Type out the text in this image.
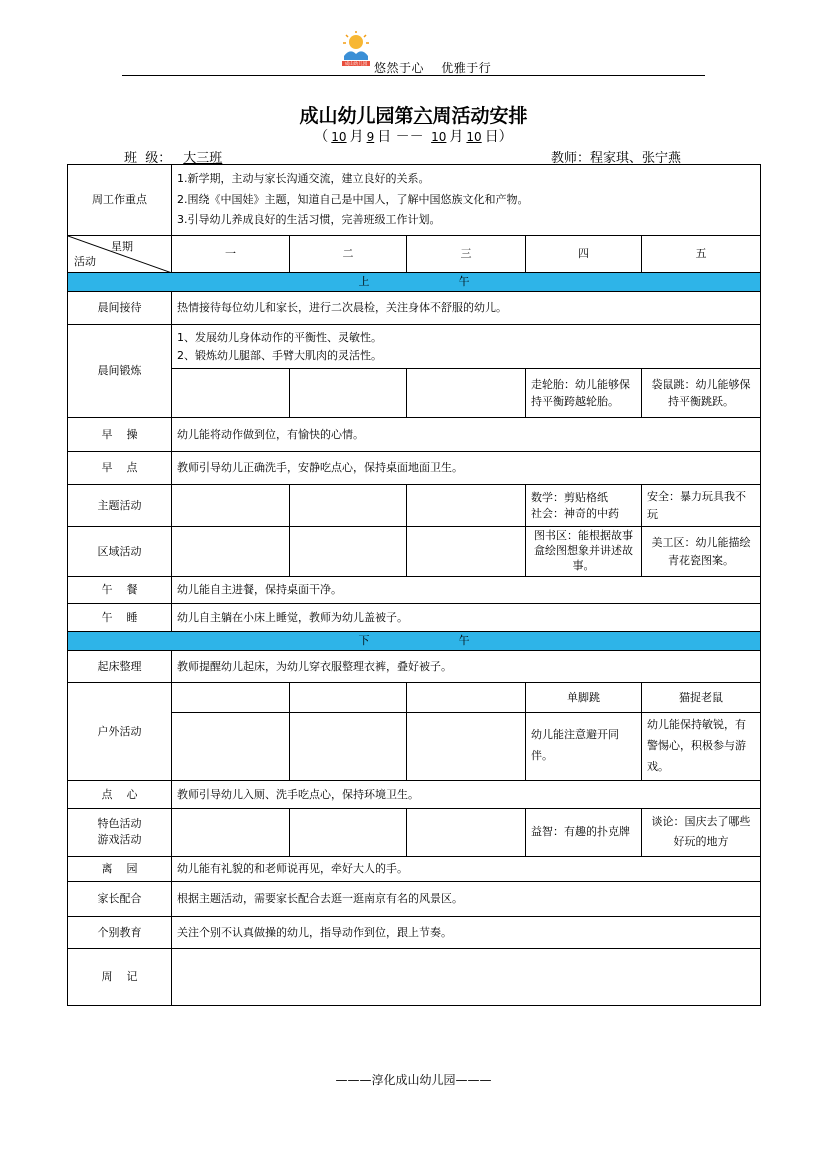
成山幼儿园 悠然于心    优雅于行
成山幼儿园第六周活动安排
（ 10 月 9 日 －－ 10 月 10 日）
班  级： 大三班	教师：程家琪、张宁燕
周工作重点	1.新学期，主动与家长沟通交流，建立良好的关系。
2.围绕《中国娃》主题，知道自己是中国人，了解中国悠族文化和产物。
3.引导幼儿养成良好的生活习惯，完善班级工作计划。				

星期
活动	一	二	三	四	五
上 午					
晨间接待	热情接待每位幼儿和家长，进行二次晨检，关注身体不舒服的幼儿。				
晨间锻炼	1、发展幼儿身体动作的平衡性、灵敏性。
2、锻炼幼儿腿部、手臂大肌肉的灵活性。				

				走轮胎：幼儿能够保持平衡跨越轮胎。	袋鼠跳：幼儿能够保持平衡跳跃。
早    操	幼儿能将动作做到位，有愉快的心情。				
早    点	教师引导幼儿正确洗手，安静吃点心，保持桌面地面卫生。				
主题活动				数学：剪贴格纸
社会：神奇的中药	安全：暴力玩具我不玩
区域活动				图书区：能根据故事盒绘图想象并讲述故事。	美工区：幼儿能描绘青花瓷图案。
午    餐	幼儿能自主进餐，保持桌面干净。				
午    睡	幼儿自主躺在小床上睡觉，教师为幼儿盖被子。				
下 午					
起床整理	教师提醒幼儿起床，为幼儿穿衣服整理衣裤，叠好被子。				
户外活动				单脚跳	猫捉老鼠
				幼儿能注意避开同伴。	幼儿能保持敏锐，有警惕心，积极参与游戏。
点    心	教师引导幼儿入厕、洗手吃点心，保持环境卫生。				

特色活动
游戏活动				益智：有趣的扑克牌	谈论：国庆去了哪些好玩的地方
离    园	幼儿能有礼貌的和老师说再见，牵好大人的手。				
家长配合	根据主题活动，需要家长配合去逛一逛南京有名的风景区。				
个别教育	关注个别不认真做操的幼儿，指导动作到位，跟上节奏。				
周    记					
———淳化成山幼儿园———
